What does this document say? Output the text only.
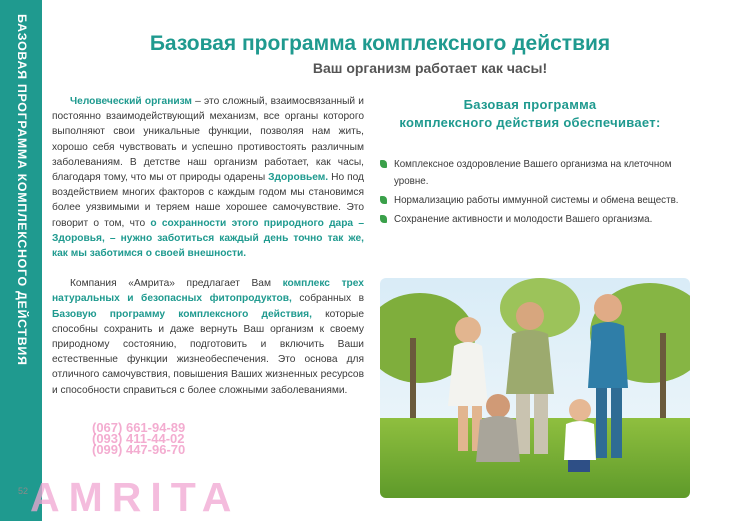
БАЗОВАЯ ПРОГРАММА КОМПЛЕКСНОГО ДЕЙСТВИЯ	Базовая программа комплексного действия
Ваш организм работает как часы!

Человеческий организм – это сложный, взаимосвязанный и постоянно взаимодействующий механизм, все органы которого выполняют свои уникальные функции, позволяя нам жить, хорошо себя чувствовать и успешно противостоять различным заболеваниям. В детстве наш организм работает, как часы, благодаря тому, что мы от природы одарены Здоровьем. Но под воздействием многих факторов с каждым годом мы становимся более уязвимыми и теряем наше хорошее самочувствие. Это говорит о том, что о сохранности этого природного дара – Здоровья, – нужно заботиться каждый день точно так же, как мы заботимся о своей внешности.

Компания «Амрита» предлагает Вам комплекс трех натуральных и безопасных фитопродуктов, собранных в Базовую программу комплексного действия, которые способны сохранить и даже вернуть Ваш организм к своему природному состоянию, подготовить и включить Ваши естественные функции жизнеобеспечения. Это основа для отличного самочувствия, повышения Ваших жизненных ресурсов и способности справиться с более сложными заболеваниями.

Базовая программа
комплексного действия обеспечивает:
Комплексное оздоровление Вашего организма на клеточном уровне.
Нормализацию работы иммунной системы и обмена веществ.
Сохранение активности и молодости Вашего организма.
52
(067) 661-94-89
(093) 411-44-02
(099) 447-96-70
AMRITA
